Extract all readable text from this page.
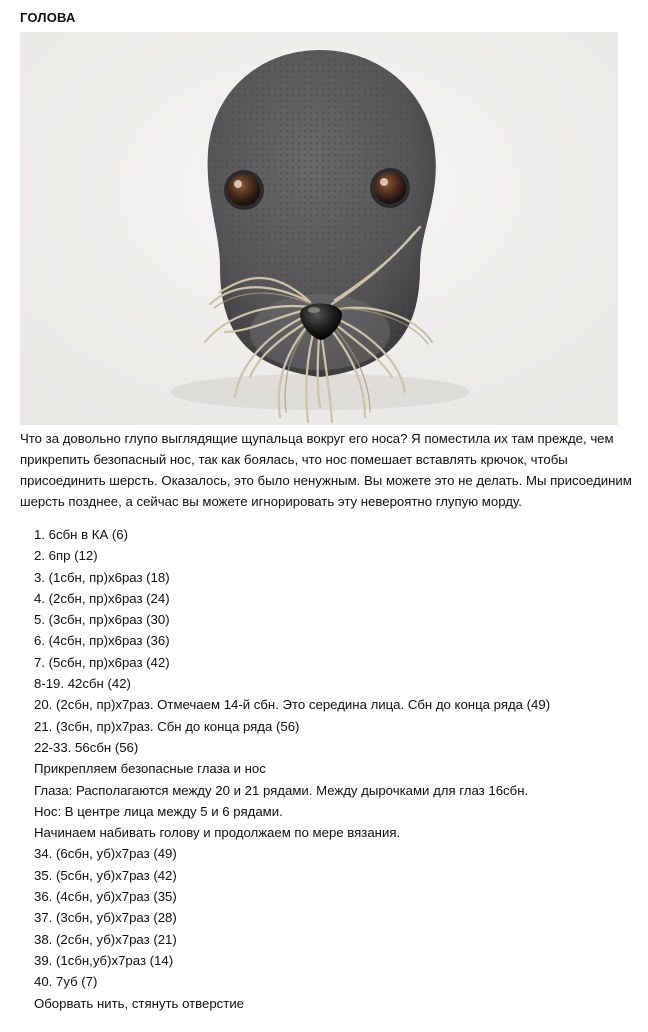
ГОЛОВА

Что за довольно глупо выглядящие щупальца вокруг его носа? Я поместила их там прежде, чем прикрепить безопасный нос, так как боялась, что нос помешает вставлять крючок, чтобы присоединить шерсть. Оказалось, это было ненужным. Вы можете это не делать. Мы присоединим шерсть позднее, а сейчас вы можете игнорировать эту невероятно глупую морду.

1. 6сбн в КА (6)
2. 6пр (12)
3. (1сбн, пр)х6раз (18)
4. (2сбн, пр)х6раз (24)
5. (3сбн, пр)х6раз (30)
6. (4сбн, пр)х6раз (36)
7. (5сбн, пр)х6раз (42)
8-19. 42сбн (42)
20. (2сбн, пр)х7раз. Отмечаем 14-й сбн. Это середина лица. Сбн до конца ряда (49)
21. (3сбн, пр)х7раз. Сбн до конца ряда (56)
22-33. 56сбн (56)
Прикрепляем безопасные глаза и нос
Глаза: Располагаются между 20 и 21 рядами. Между дырочками для глаз 16сбн.
Нос: В центре лица между 5 и 6 рядами.
Начинаем набивать голову и продолжаем по мере вязания.
34. (6сбн, уб)х7раз (49)
35. (5сбн, уб)х7раз (42)
36. (4сбн, уб)х7раз (35)
37. (3сбн, уб)х7раз (28)
38. (2сбн, уб)х7раз (21)
39. (1сбн,уб)х7раз (14)
40. 7уб (7)
Оборвать нить, стянуть отверстие
